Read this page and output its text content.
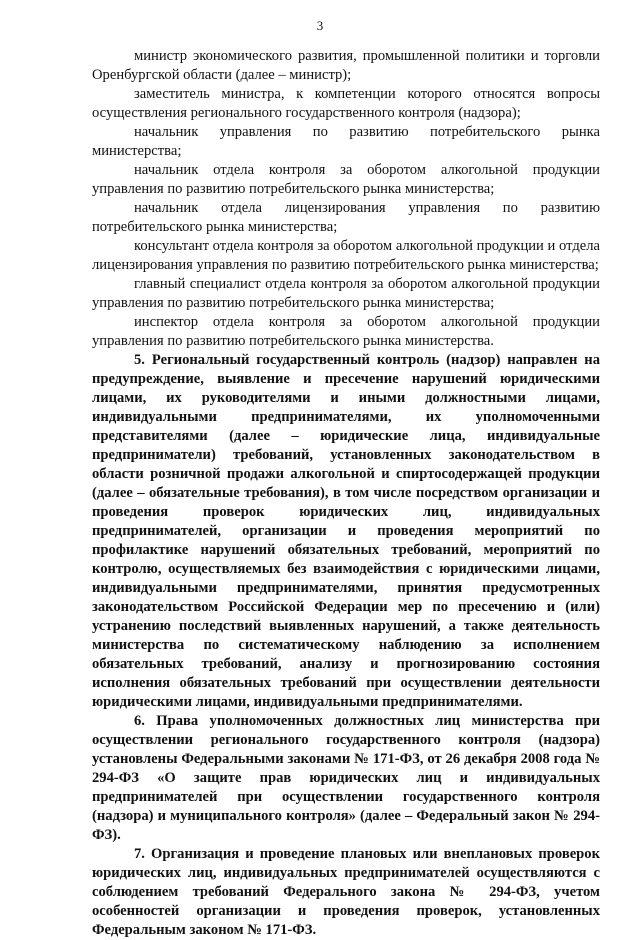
3

министр экономического развития, промышленной политики и торговли Оренбургской области (далее – министр);

заместитель министра, к компетенции которого относятся вопросы осуществления регионального государственного контроля (надзора);

начальник управления по развитию потребительского рынка министерства;

начальник отдела контроля за оборотом алкогольной продукции управления по развитию потребительского рынка министерства;

начальник отдела лицензирования управления по развитию потребительского рынка министерства;

консультант отдела контроля за оборотом алкогольной продукции и отдела лицензирования управления по развитию потребительского рынка министерства;

главный специалист отдела контроля за оборотом алкогольной продукции управления по развитию потребительского рынка министерства;

инспектор отдела контроля за оборотом алкогольной продукции управления по развитию потребительского рынка министерства.

5. Региональный государственный контроль (надзор) направлен на предупреждение, выявление и пресечение нарушений юридическими лицами, их руководителями и иными должностными лицами, индивидуальными предпринимателями, их уполномоченными представителями (далее – юридические лица, индивидуальные предприниматели) требований, установленных законодательством в области розничной продажи алкогольной и спиртосодержащей продукции (далее – обязательные требования), в том числе посредством организации и проведения проверок юридических лиц, индивидуальных предпринимателей, организации и проведения мероприятий по профилактике нарушений обязательных требований, мероприятий по контролю, осуществляемых без взаимодействия с юридическими лицами, индивидуальными предпринимателями, принятия предусмотренных законодательством Российской Федерации мер по пресечению и (или) устранению последствий выявленных нарушений, а также деятельность министерства по систематическому наблюдению за исполнением обязательных требований, анализу и прогнозированию состояния исполнения обязательных требований при осуществлении деятельности юридическими лицами, индивидуальными предпринимателями.

6. Права уполномоченных должностных лиц министерства при осуществлении регионального государственного контроля (надзора) установлены Федеральными законами № 171-ФЗ, от 26 декабря 2008 года № 294-ФЗ «О защите прав юридических лиц и индивидуальных предпринимателей при осуществлении государственного контроля (надзора) и муниципального контроля» (далее – Федеральный закон № 294-ФЗ).

7. Организация и проведение плановых или внеплановых проверок юридических лиц, индивидуальных предпринимателей осуществляются с соблюдением требований Федерального закона № 294-ФЗ, учетом особенностей организации и проведения проверок, установленных Федеральным законом № 171-ФЗ.
